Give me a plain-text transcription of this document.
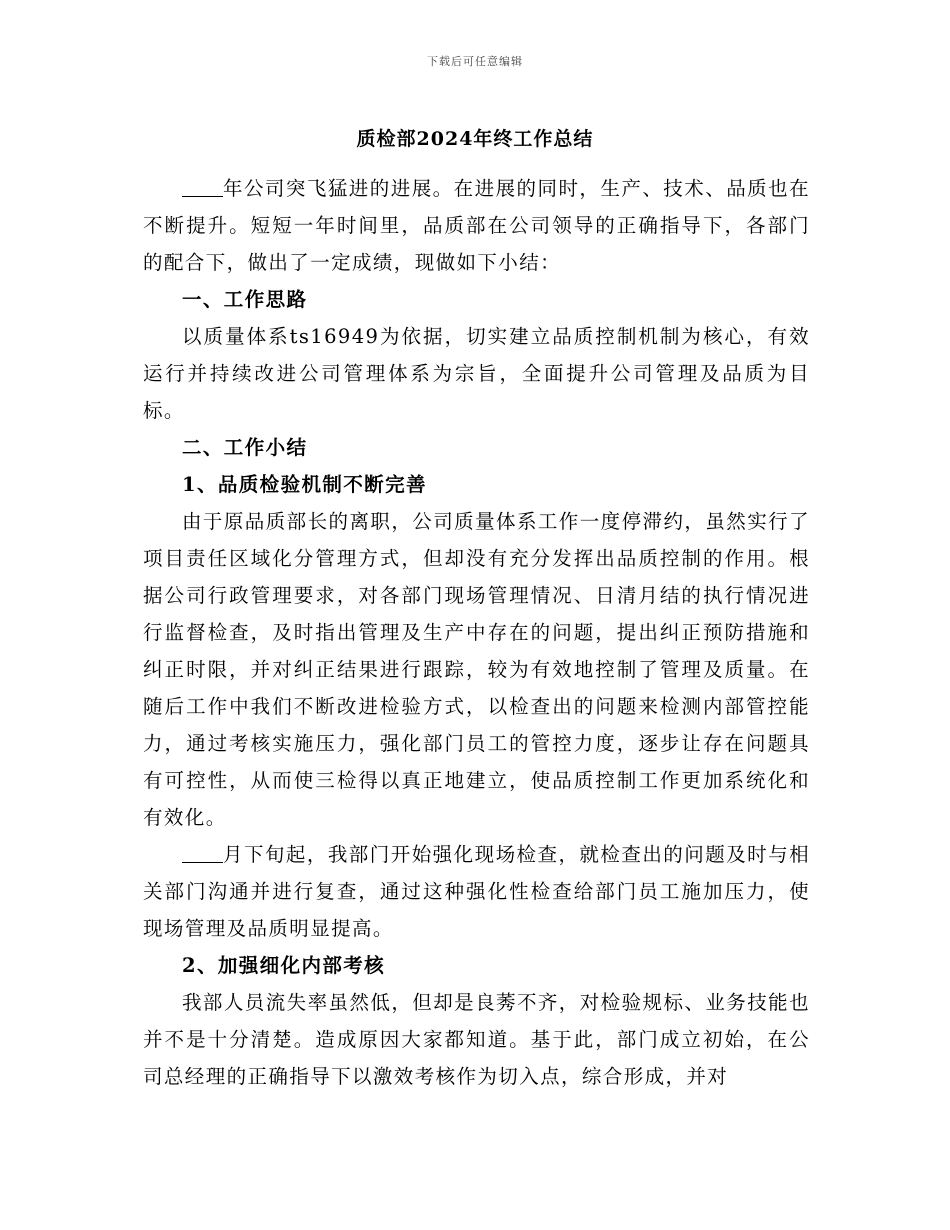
下载后可任意编辑
质检部2024年终工作总结

年公司突飞猛进的进展。在进展的同时，生产、技术、品质也在不断提升。短短一年时间里，品质部在公司领导的正确指导下，各部门的配合下，做出了一定成绩，现做如下小结：

一、工作思路

以质量体系ts16949为依据，切实建立品质控制机制为核心，有效运行并持续改进公司管理体系为宗旨，全面提升公司管理及品质为目标。

二、工作小结

1、品质检验机制不断完善

由于原品质部长的离职，公司质量体系工作一度停滞约，虽然实行了项目责任区域化分管理方式，但却没有充分发挥出品质控制的作用。根据公司行政管理要求，对各部门现场管理情况、日清月结的执行情况进行监督检查，及时指出管理及生产中存在的问题，提出纠正预防措施和纠正时限，并对纠正结果进行跟踪，较为有效地控制了管理及质量。在随后工作中我们不断改进检验方式，以检查出的问题来检测内部管控能力，通过考核实施压力，强化部门员工的管控力度，逐步让存在问题具有可控性，从而使三检得以真正地建立，使品质控制工作更加系统化和有效化。

月下旬起，我部门开始强化现场检查，就检查出的问题及时与相关部门沟通并进行复查，通过这种强化性检查给部门员工施加压力，使现场管理及品质明显提高。

2、加强细化内部考核

我部人员流失率虽然低，但却是良莠不齐，对检验规标、业务技能也并不是十分清楚。造成原因大家都知道。基于此，部门成立初始，在公司总经理的正确指导下以激效考核作为切入点，综合形成，并对
